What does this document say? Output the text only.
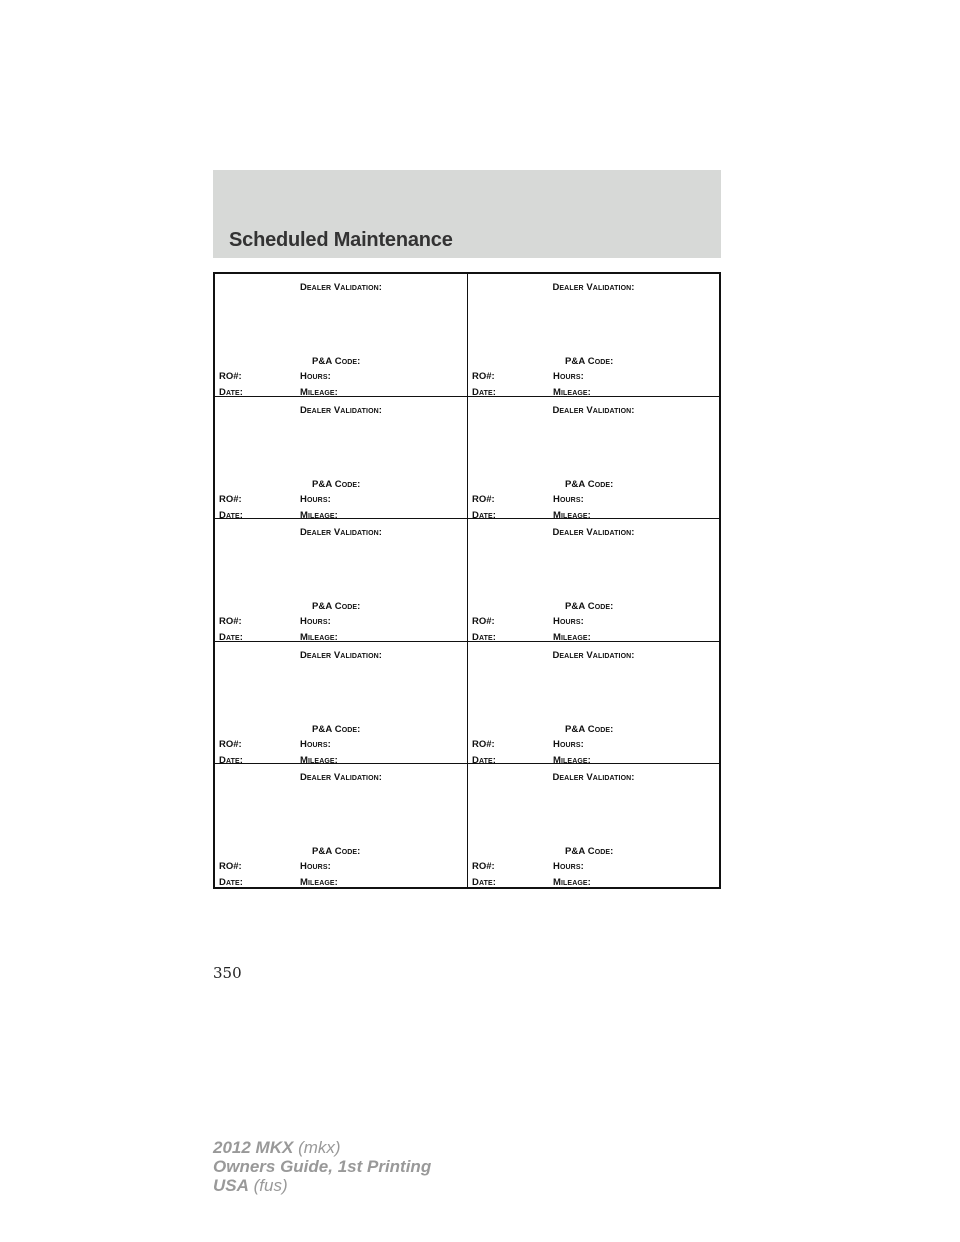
Scheduled Maintenance
Dealer Validation:
P&A Code:
RO#:	Hours:
Date:	Mileage:
Dealer Validation:
P&A Code:
RO#:	Hours:
Date:	Mileage:
Dealer Validation:
P&A Code:
RO#:	Hours:
Date:	Mileage:
Dealer Validation:
P&A Code:
RO#:	Hours:
Date:	Mileage:
Dealer Validation:
P&A Code:
RO#:	Hours:
Date:	Mileage:
Dealer Validation:
P&A Code:
RO#:	Hours:
Date:	Mileage:
Dealer Validation:
P&A Code:
RO#:	Hours:
Date:	Mileage:
Dealer Validation:
P&A Code:
RO#:	Hours:
Date:	Mileage:
Dealer Validation:
P&A Code:
RO#:	Hours:
Date:	Mileage:
Dealer Validation:
P&A Code:
RO#:	Hours:
Date:	Mileage:
350
2012 MKX (mkx)
Owners Guide, 1st Printing
USA (fus)
